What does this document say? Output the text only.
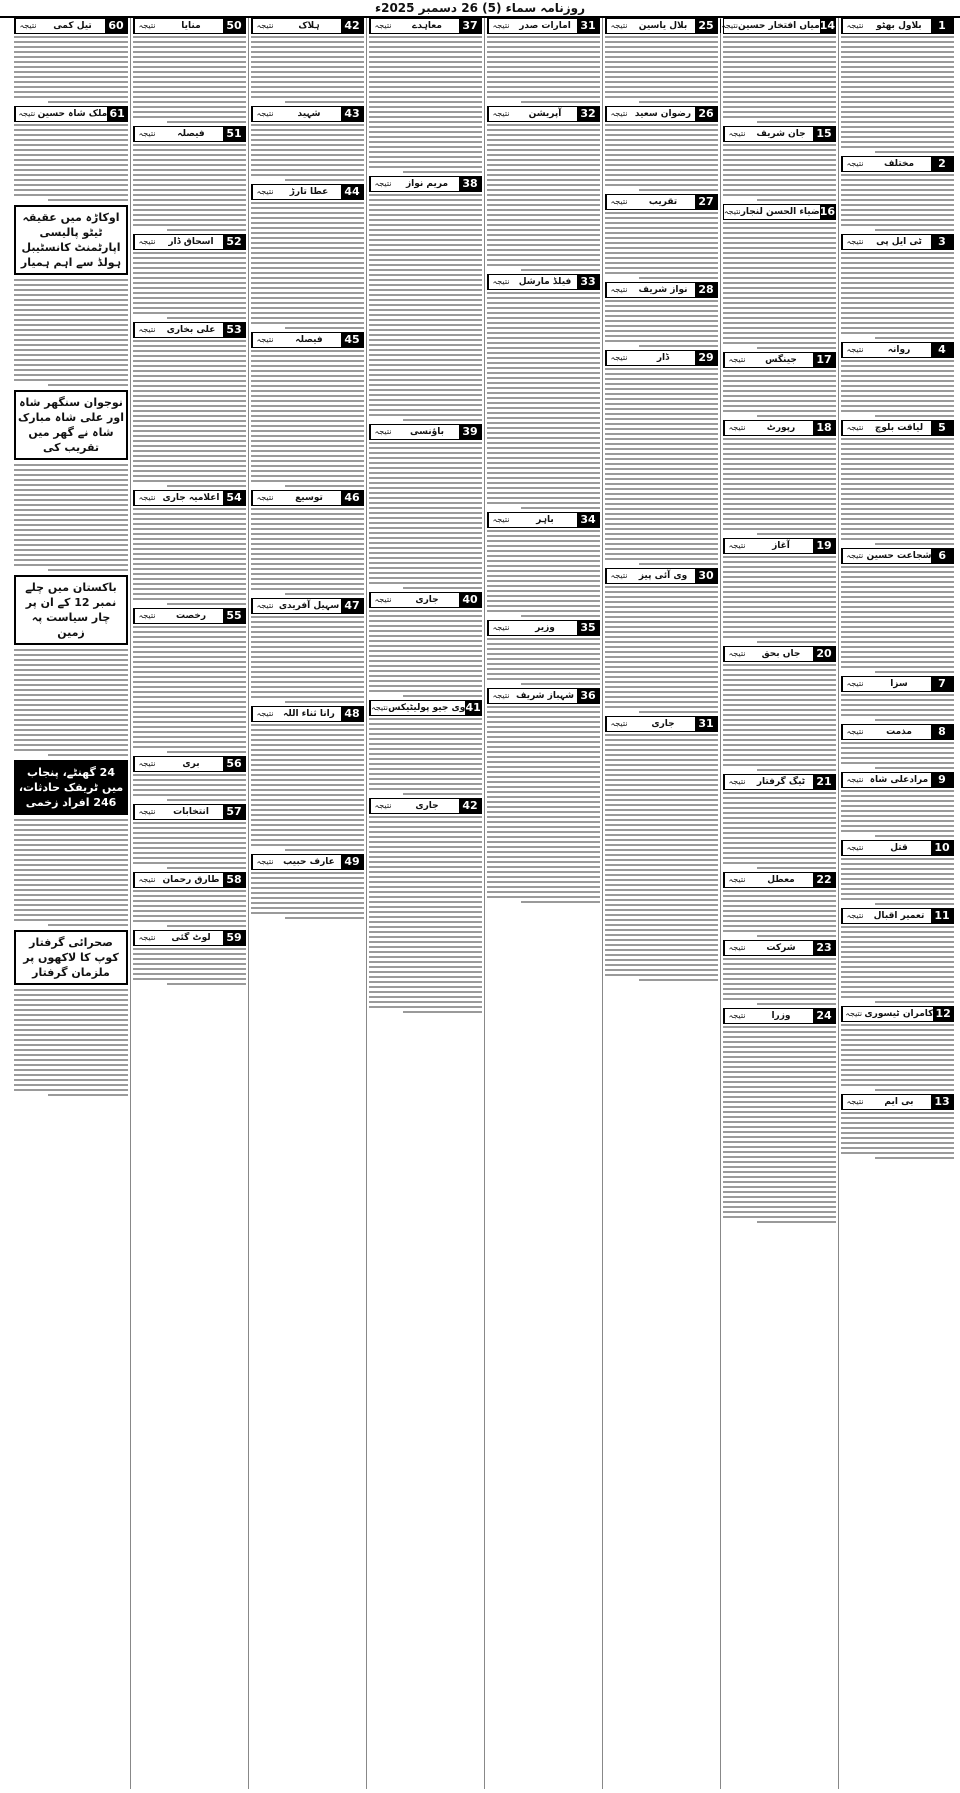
روزنامہ سماء (5) 26 دسمبر 2025ء
1
بلاول بھٹو
نتیجہ
2
مختلف
نتیجہ
3
ٹی ایل پی
نتیجہ
4
روانہ
نتیجہ
5
لیاقت بلوچ
نتیجہ
6
شجاعت حسین
نتیجہ
7
سزا
نتیجہ
8
مذمت
نتیجہ
9
مرادعلی شاہ
نتیجہ
10
قتل
نتیجہ
11
تعمیر اقبال
نتیجہ
12
کامران ٹیسوری
نتیجہ
13
بی ایم
نتیجہ
14
میاں افتخار حسین
نتیجہ
15
جان شریف
نتیجہ
16
ضیاء الحسن لنجار
نتیجہ
17
جینگس
نتیجہ
18
رپورٹ
نتیجہ
19
آغاز
نتیجہ
20
جاں بحق
نتیجہ
21
ٹیگ گرفتار
نتیجہ
22
معطل
نتیجہ
23
شرکت
نتیجہ
24
وزرا
نتیجہ
25
بلال یاسین
نتیجہ
26
رضوان سعید
نتیجہ
27
تقریب
نتیجہ
28
نواز شریف
نتیجہ
29
ڈار
نتیجہ
30
وی آئی پیز
نتیجہ
31
جاری
نتیجہ
31
امارات صدر
نتیجہ
32
آپریشن
نتیجہ
33
فیلڈ مارشل
نتیجہ
34
باہر
نتیجہ
35
وزیر
نتیجہ
36
شہباز شریف
نتیجہ
37
معاہدے
نتیجہ
38
مریم نواز
نتیجہ
39
باؤنسی
نتیجہ
40
جاری
نتیجہ
41
وی جیو پولیٹیکس
نتیجہ
42
جاری
نتیجہ
42
ہلاک
نتیجہ
43
شہید
نتیجہ
44
عطا تارڑ
نتیجہ
45
فیصلہ
نتیجہ
46
توسیع
نتیجہ
47
سہیل آفریدی
نتیجہ
48
رانا ثناء اللہ
نتیجہ
49
عارف حبیب
نتیجہ
50
منایا
نتیجہ
51
فیصلہ
نتیجہ
52
اسحاق ڈار
نتیجہ
53
علی بخاری
نتیجہ
54
اعلامیہ جاری
نتیجہ
55
رخصت
نتیجہ
56
بری
نتیجہ
57
انتخابات
نتیجہ
58
طارق رحمان
نتیجہ
59
لوٹ گئی
نتیجہ
60
تیل کمی
نتیجہ
61
ملک شاہ حسین
نتیجہ
اوکاڑہ میں عقیقہ ٹیٹو پالیسی اپارٹمنٹ کانسٹیبل ہولڈ سے اہم ہمیار
نوجوان سنگھر شاہ اور علی شاہ مبارک شاہ نے گھر میں تقریب کی
باکستان میں چلے نمبر 12 کے ان پر چار سیاست پہ زمین
24 گھنٹے، پنجاب میں ٹریفک حادثات، 246 افراد زخمی
صحرائی گرفتار کوپ کا لاکھوں پر ملزمان گرفتار
